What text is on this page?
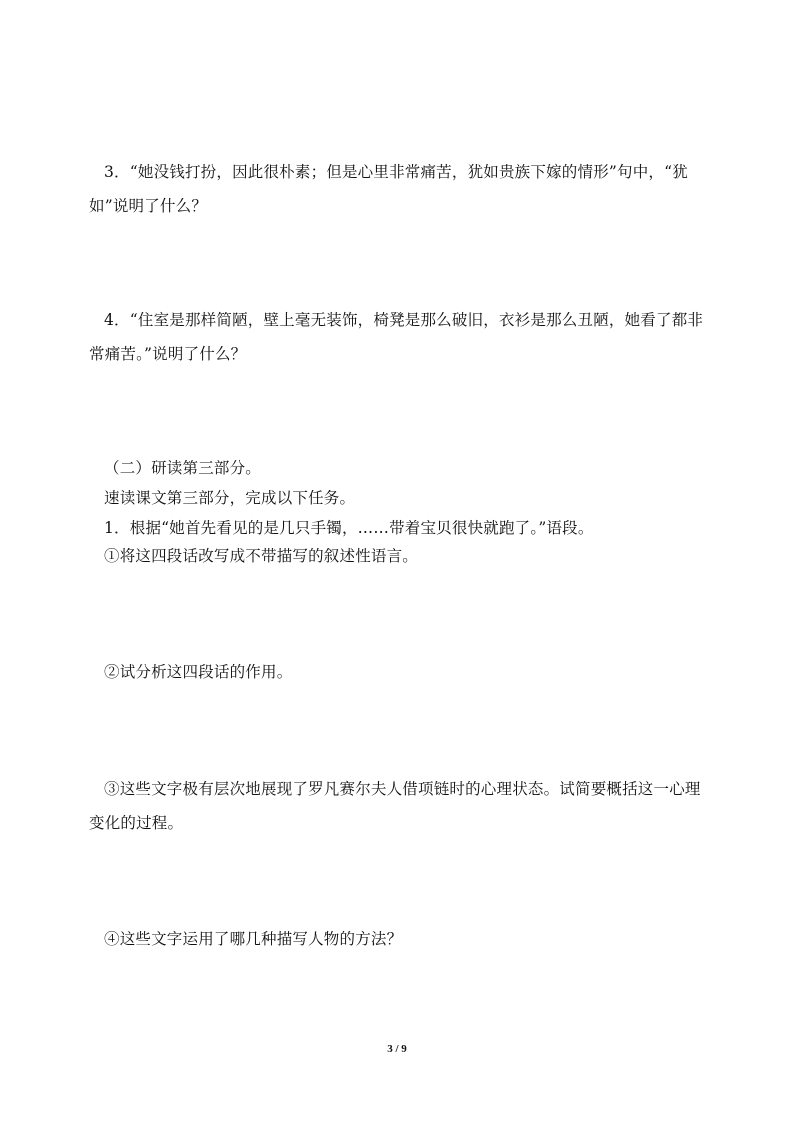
3．“她没钱打扮，因此很朴素；但是心里非常痛苦，犹如贵族下嫁的情形”句中，“犹
如”说明了什么？
4．“住室是那样简陋，壁上毫无装饰，椅凳是那么破旧，衣衫是那么丑陋，她看了都非
常痛苦。”说明了什么？
（二）研读第三部分。
速读课文第三部分，完成以下任务。
1．根据“她首先看见的是几只手镯，……带着宝贝很快就跑了。”语段。
①将这四段话改写成不带描写的叙述性语言。
②试分析这四段话的作用。
③这些文字极有层次地展现了罗凡赛尔夫人借项链时的心理状态。试简要概括这一心理
变化的过程。
④这些文字运用了哪几种描写人物的方法？
3 / 9
